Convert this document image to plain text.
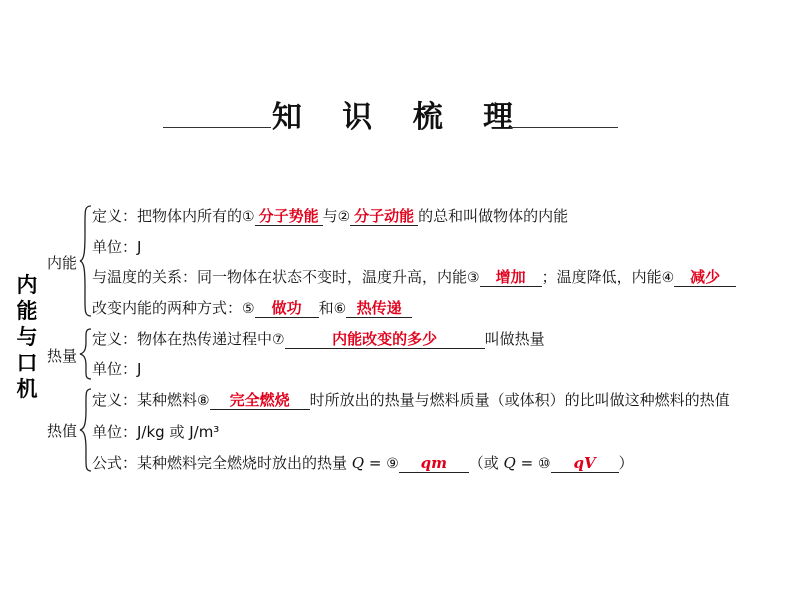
知 识 梳 理
内
能
与
口
机
内能
热量
热值
定义：把物体内所有的① 分子势能 与② 分子动能 的总和叫做物体的内能
单位：J
与温度的关系：同一物体在状态不变时，温度升高，内能③ 增加 ；温度降低，内能④ 减少
改变内能的两种方式：⑤ 做功 和⑥ 热传递
定义：物体在热传递过程中⑦	内能改变的多少	叫做热量
单位：J
定义：某种燃料⑧ 完全燃烧 时所放出的热量与燃料质量（或体积）的比叫做这种燃料的热值
单位：J/kg 或 J/m³
公式：某种燃料完全燃烧时放出的热量 Q = ⑨ qm （或 Q = ⑩ qV ）
